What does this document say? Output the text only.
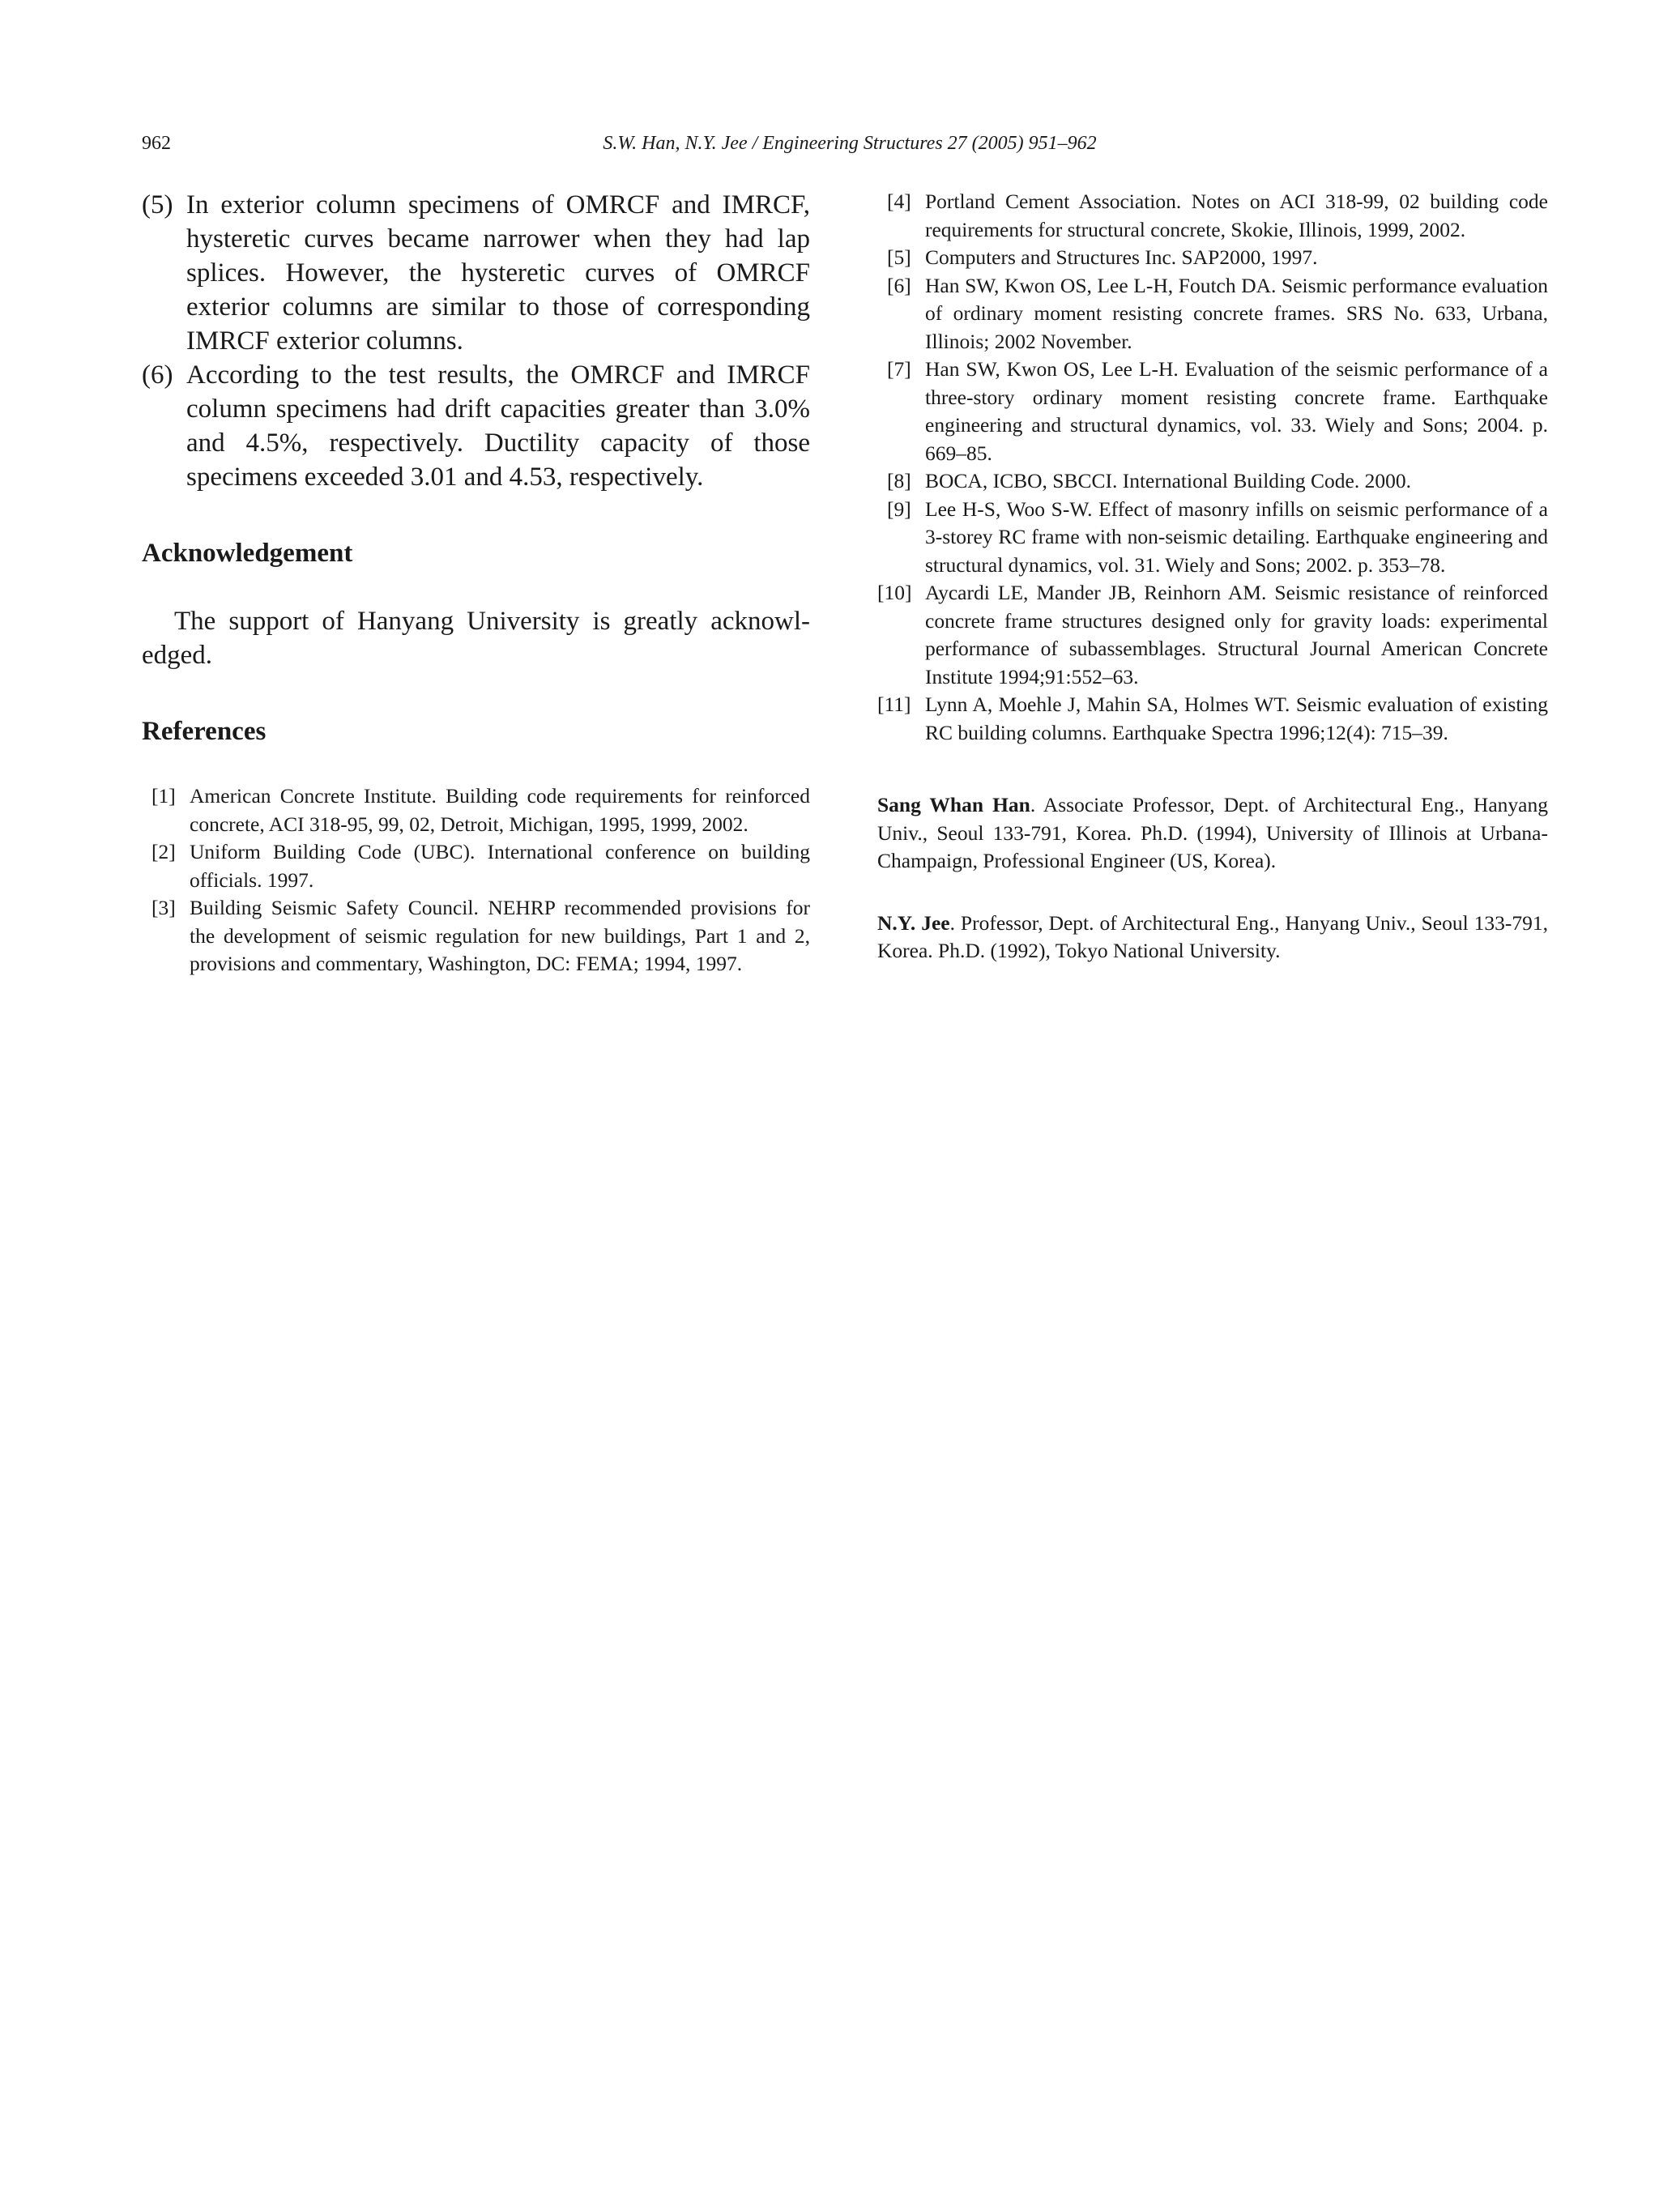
962	S.W. Han, N.Y. Jee / Engineering Structures 27 (2005) 951–962
(5) In exterior column specimens of OMRCF and IMRCF, hysteretic curves became narrower when they had lap splices. However, the hysteretic curves of OMRCF exterior columns are similar to those of corresponding IMRCF exterior columns.
(6) According to the test results, the OMRCF and IMRCF column specimens had drift capacities greater than 3.0% and 4.5%, respectively. Ductility capacity of those specimens exceeded 3.01 and 4.53, respectively.
Acknowledgement

The support of Hanyang University is greatly acknowl-edged.

References
[1] American Concrete Institute. Building code requirements for reinforced concrete, ACI 318-95, 99, 02, Detroit, Michigan, 1995, 1999, 2002.
[2] Uniform Building Code (UBC). International conference on building officials. 1997.
[3] Building Seismic Safety Council. NEHRP recommended provisions for the development of seismic regulation for new buildings, Part 1 and 2, provisions and commentary, Washington, DC: FEMA; 1994, 1997.
[4] Portland Cement Association. Notes on ACI 318-99, 02 building code requirements for structural concrete, Skokie, Illinois, 1999, 2002.
[5] Computers and Structures Inc. SAP2000, 1997.
[6] Han SW, Kwon OS, Lee L-H, Foutch DA. Seismic performance evaluation of ordinary moment resisting concrete frames. SRS No. 633, Urbana, Illinois; 2002 November.
[7] Han SW, Kwon OS, Lee L-H. Evaluation of the seismic performance of a three-story ordinary moment resisting concrete frame. Earthquake engineering and structural dynamics, vol. 33. Wiely and Sons; 2004. p. 669–85.
[8] BOCA, ICBO, SBCCI. International Building Code. 2000.
[9] Lee H-S, Woo S-W. Effect of masonry infills on seismic performance of a 3-storey RC frame with non-seismic detailing. Earthquake engineering and structural dynamics, vol. 31. Wiely and Sons; 2002. p. 353–78.
[10] Aycardi LE, Mander JB, Reinhorn AM. Seismic resistance of reinforced concrete frame structures designed only for gravity loads: experimental performance of subassemblages. Structural Journal American Concrete Institute 1994;91:552–63.
[11] Lynn A, Moehle J, Mahin SA, Holmes WT. Seismic evaluation of existing RC building columns. Earthquake Spectra 1996;12(4): 715–39.

Sang Whan Han. Associate Professor, Dept. of Architectural Eng., Hanyang Univ., Seoul 133-791, Korea. Ph.D. (1994), University of Illinois at Urbana-Champaign, Professional Engineer (US, Korea).

N.Y. Jee. Professor, Dept. of Architectural Eng., Hanyang Univ., Seoul 133-791, Korea. Ph.D. (1992), Tokyo National University.
